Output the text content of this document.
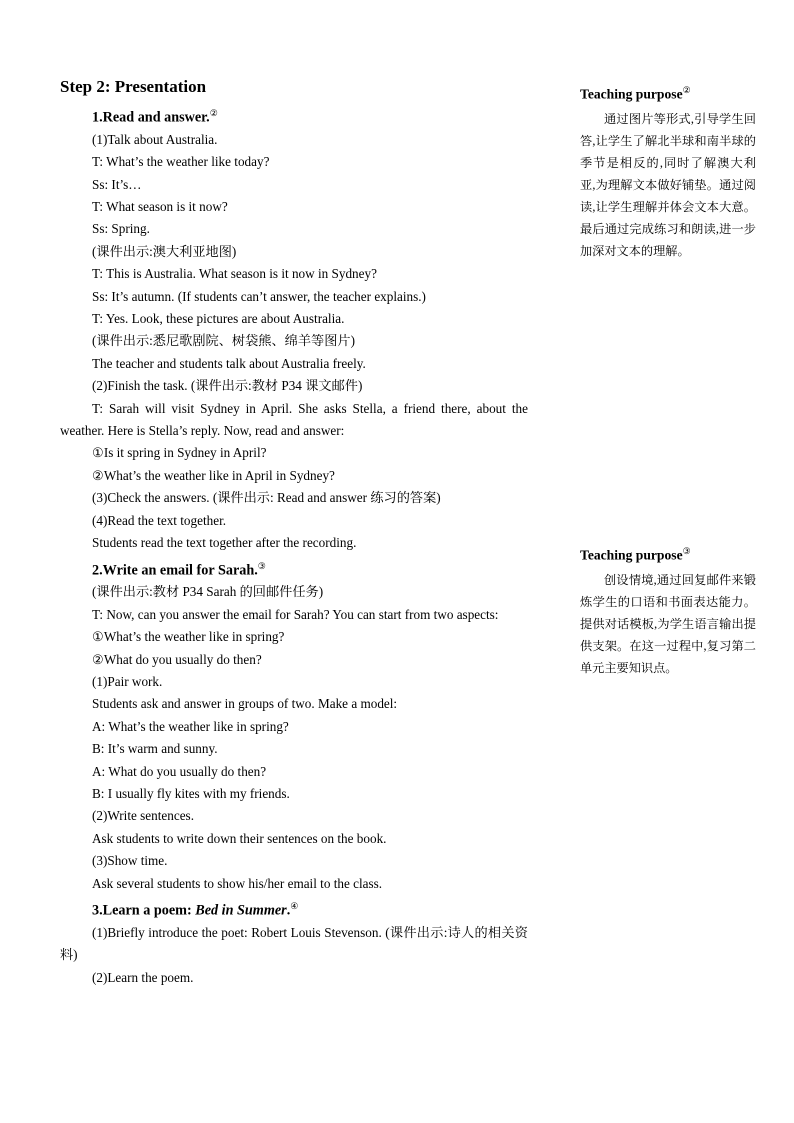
Step 2: Presentation
1.Read and answer.②
(1)Talk about Australia.
T: What’s the weather like today?
Ss: It’s…
T: What season is it now?
Ss: Spring.
(课件出示:澳大利亚地图)
T: This is Australia. What season is it now in Sydney?
Ss: It’s autumn. (If students can’t answer, the teacher explains.)
T: Yes. Look, these pictures are about Australia.
(课件出示:悉尼歌剧院、树袋熊、绵羊等图片)
The teacher and students talk about Australia freely.
(2)Finish the task. (课件出示:教材 P34 课文邮件)
T: Sarah will visit Sydney in April. She asks Stella, a friend there, about the weather. Here is Stella’s reply. Now, read and answer:
①Is it spring in Sydney in April?
②What’s the weather like in April in Sydney?
(3)Check the answers. (课件出示: Read and answer 练习的答案)
(4)Read the text together.
Students read the text together after the recording.
2.Write an email for Sarah.③
(课件出示:教材 P34 Sarah 的回邮件任务)
T: Now, can you answer the email for Sarah? You can start from two aspects:
①What’s the weather like in spring?
②What do you usually do then?
(1)Pair work.
Students ask and answer in groups of two. Make a model:
A: What’s the weather like in spring?
B: It’s warm and sunny.
A: What do you usually do then?
B: I usually fly kites with my friends.
(2)Write sentences.
Ask students to write down their sentences on the book.
(3)Show time.
Ask several students to show his/her email to the class.
3.Learn a poem: Bed in Summer.④
(1)Briefly introduce the poet: Robert Louis Stevenson. (课件出示:诗人的相关资料)
(2)Learn the poem.
Teaching purpose②
通过图片等形式,引导学生回答,让学生了解北半球和南半球的季节是相反的,同时了解澳大利亚,为理解文本做好铺垫。通过阅读,让学生理解并体会文本大意。最后通过完成练习和朗读,进一步加深对文本的理解。
Teaching purpose③
创设情境,通过回复邮件来锻炼学生的口语和书面表达能力。提供对话模板,为学生语言输出提供支架。在这一过程中,复习第二单元主要知识点。
